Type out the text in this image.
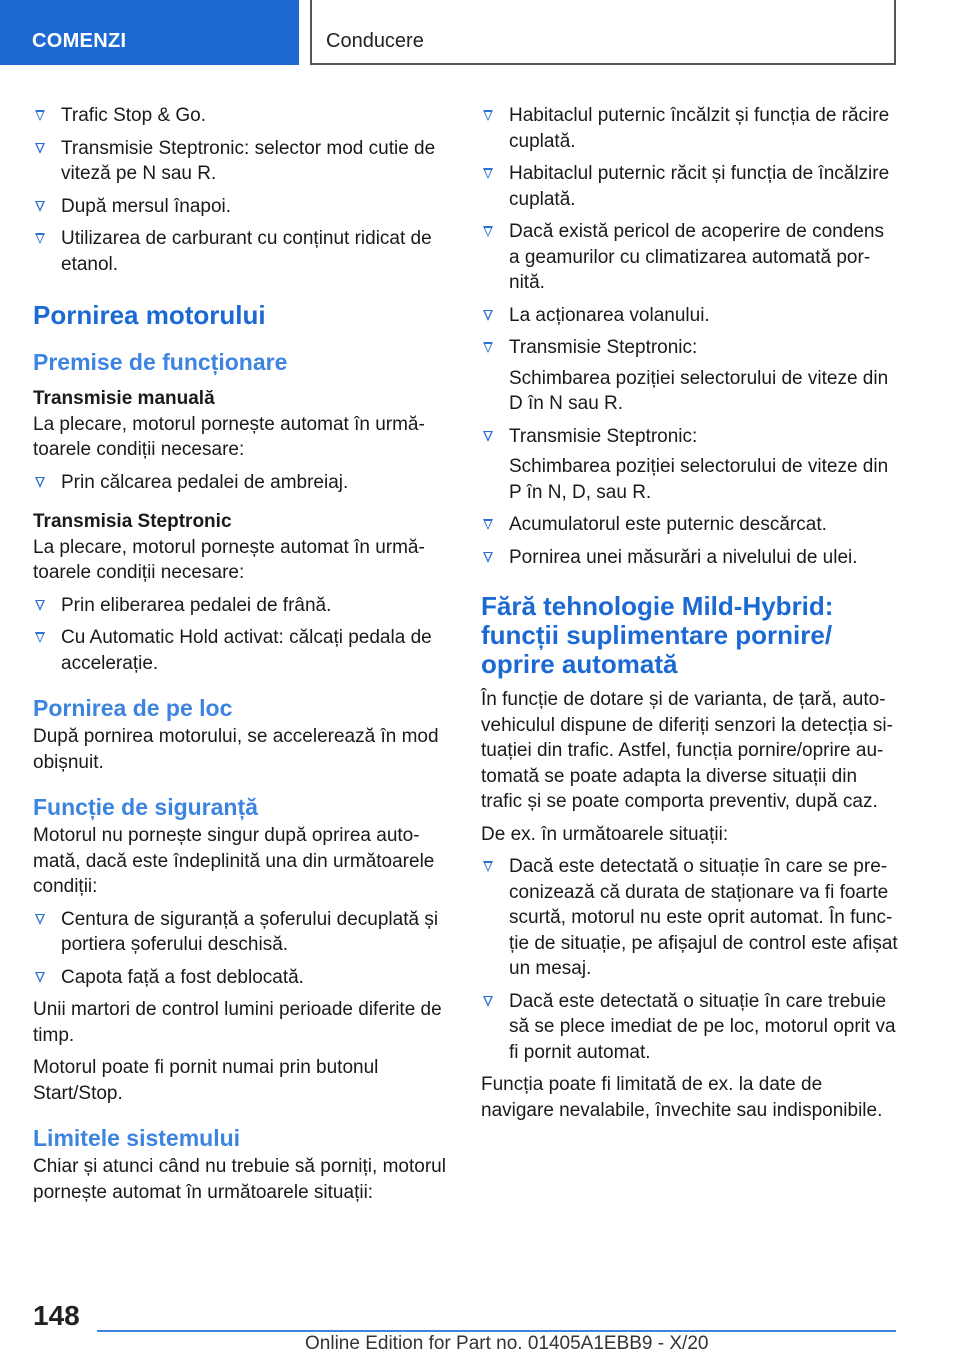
COMENZI	Conducere
Trafic Stop & Go.
Transmisie Steptronic: selector mod cutie de viteză pe N sau R.
După mersul înapoi.
Utilizarea de carburant cu conținut ridicat de etanol.
Pornirea motorului
Premise de funcționare
Transmisie manuală

La plecare, motorul pornește automat în următoarele condiții necesare:

Prin călcarea pedalei de ambreiaj.
Transmisia Steptronic

La plecare, motorul pornește automat în următoarele condiții necesare:

Prin eliberarea pedalei de frână.
Cu Automatic Hold activat: călcați pedala de accelerație.
Pornirea de pe loc

După pornirea motorului, se accelerează în mod obișnuit.

Funcție de siguranță

Motorul nu pornește singur după oprirea automată, dacă este îndeplinită una din următoarele condiții:

Centura de siguranță a șoferului decuplată și portiera șoferului deschisă.
Capota față a fost deblocată.

Unii martori de control lumini perioade diferite de timp.

Motorul poate fi pornit numai prin butonul Start/Stop.

Limitele sistemului

Chiar și atunci când nu trebuie să porniți, motorul pornește automat în următoarele situații:

Habitaclul puternic încălzit și funcția de răcire cuplată.
Habitaclul puternic răcit și funcția de încălzire cuplată.
Dacă există pericol de acoperire de condens a geamurilor cu climatizarea automată pornită.
La acționarea volanului.
Transmisie Steptronic:

Schimbarea poziției selectorului de viteze din D în N sau R.

Transmisie Steptronic:

Schimbarea poziției selectorului de viteze din P în N, D, sau R.

Acumulatorul este puternic descărcat.
Pornirea unei măsurări a nivelului de ulei.
Fără tehnologie Mild-Hybrid: funcții suplimentare pornire/ oprire automată

În funcție de dotare și de varianta, de țară, autovehiculul dispune de diferiți senzori la detecția situației din trafic. Astfel, funcția pornire/oprire automată se poate adapta la diverse situații din trafic și se poate comporta preventiv, după caz.

De ex. în următoarele situații:

Dacă este detectată o situație în care se preconizează că durata de staționare va fi foarte scurtă, motorul nu este oprit automat. În funcție de situație, pe afișajul de control este afișat un mesaj.
Dacă este detectată o situație în care trebuie să se plece imediat de pe loc, motorul oprit va fi pornit automat.

Funcția poate fi limitată de ex. la date de navigare nevalabile, învechite sau indisponibile.

148
Online Edition for Part no. 01405A1EBB9 - X/20
